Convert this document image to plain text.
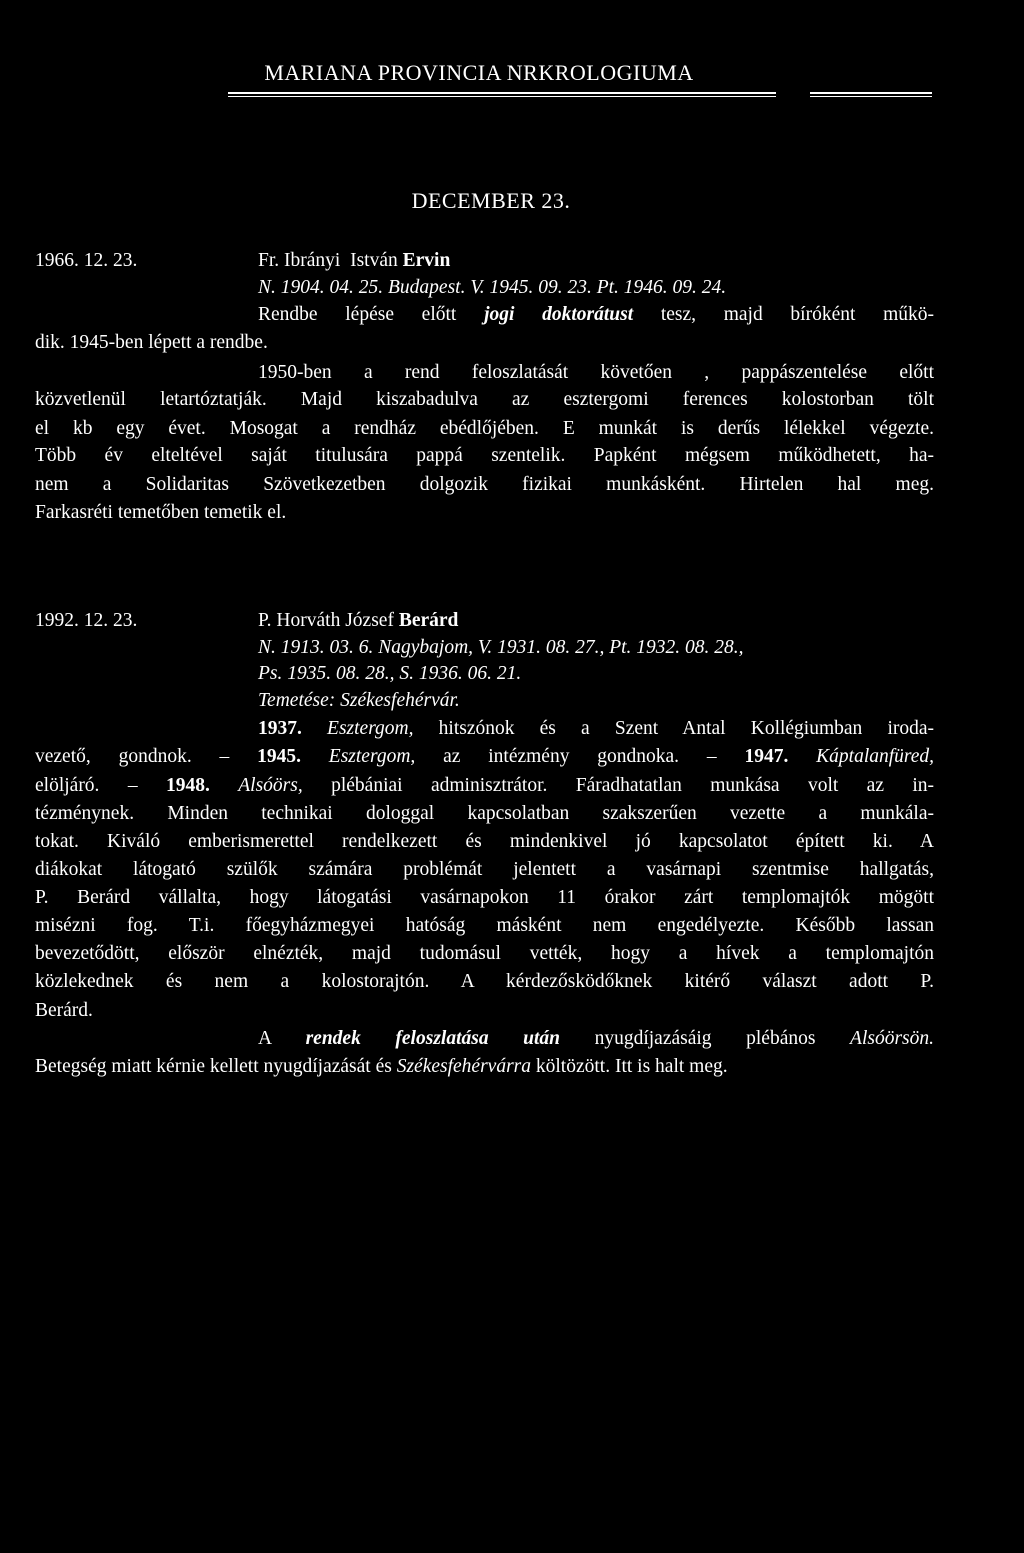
MARIANA PROVINCIA NRKROLOGIUMA
DECEMBER 23.
1966. 12. 23.	Fr. Ibrányi István Ervin
N. 1904. 04. 25. Budapest. V. 1945. 09. 23. Pt. 1946. 09. 24.
Rendbe lépése előtt jogi doktorátust tesz, majd bíróként műkö-
dik. 1945-ben lépett a rendbe.
1950-ben a rend feloszlatását követően , pappászentelése előtt
közvetlenül letartóztatják. Majd kiszabadulva az esztergomi ferences kolostorban tölt
el kb egy évet. Mosogat a rendház ebédlőjében. E munkát is derűs lélekkel végezte.
Több év elteltével saját titulusára pappá szentelik. Papként mégsem működhetett, ha-
nem a Solidaritas Szövetkezetben dolgozik fizikai munkásként. Hirtelen hal meg.
Farkasréti temetőben temetik el.
1992. 12. 23.	P. Horváth József Berárd
N. 1913. 03. 6. Nagybajom, V. 1931. 08. 27., Pt. 1932. 08. 28.,
Ps. 1935. 08. 28., S. 1936. 06. 21.
Temetése: Székesfehérvár.
1937. Esztergom, hitszónok és a Szent Antal Kollégiumban iroda-
vezető, gondnok. – 1945. Esztergom, az intézmény gondnoka. – 1947. Káptalanfüred,
elöljáró. – 1948. Alsóörs, plébániai adminisztrátor. Fáradhatatlan munkása volt az in-
tézménynek. Minden technikai dologgal kapcsolatban szakszerűen vezette a munkála-
tokat. Kiváló emberismerettel rendelkezett és mindenkivel jó kapcsolatot épített ki. A
diákokat látogató szülők számára problémát jelentett a vasárnapi szentmise hallgatás,
P. Berárd vállalta, hogy látogatási vasárnapokon 11 órakor zárt templomajtók mögött
misézni fog. T.i. főegyházmegyei hatóság másként nem engedélyezte. Később lassan
bevezetődött, először elnézték, majd tudomásul vették, hogy a hívek a templomajtón
közlekednek és nem a kolostorajtón. A kérdezősködőknek kitérő választ adott P.
Berárd.
A rendek feloszlatása után nyugdíjazásáig plébános Alsóörsön.
Betegség miatt kérnie kellett nyugdíjazását és Székesfehérvárra költözött. Itt is halt meg.
